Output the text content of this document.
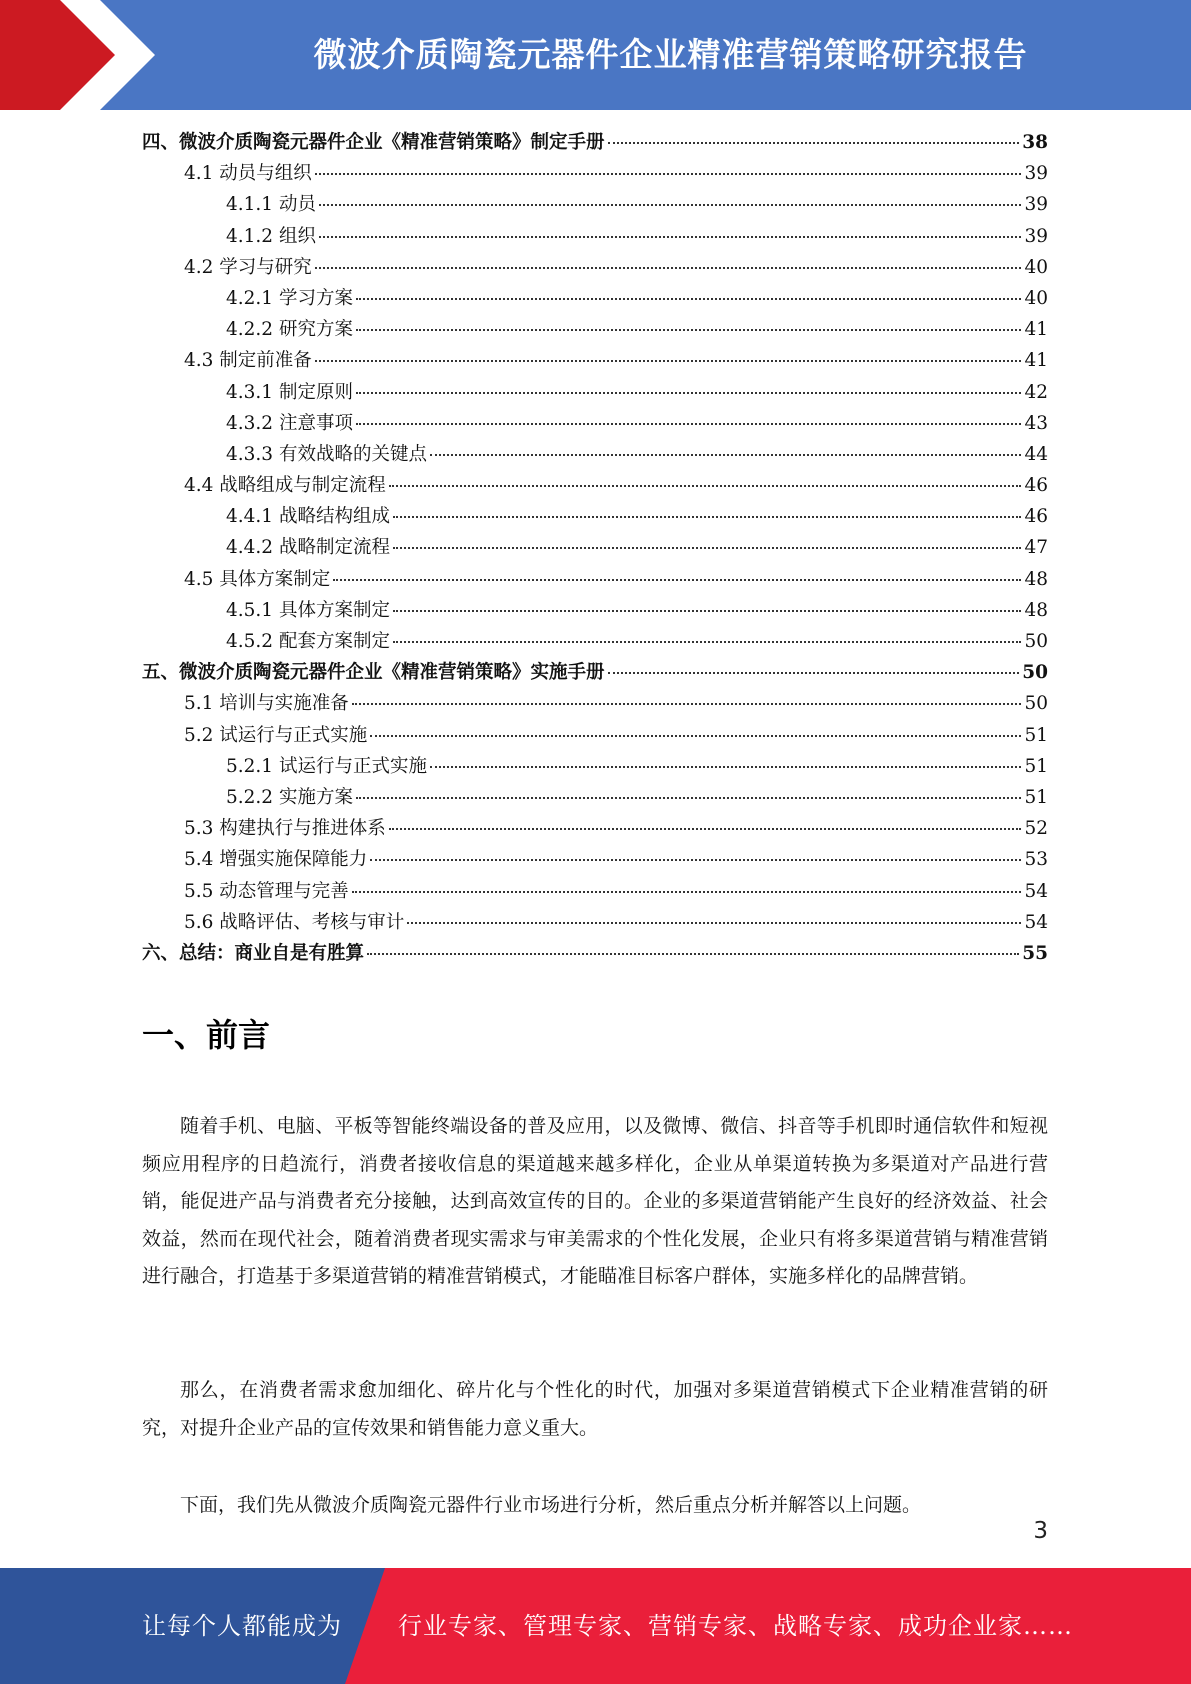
微波介质陶瓷元器件企业精准营销策略研究报告
四、微波介质陶瓷元器件企业《精准营销策略》制定手册	38
4.1 动员与组织	39
4.1.1 动员	39
4.1.2 组织	39
4.2 学习与研究	40
4.2.1 学习方案	40
4.2.2 研究方案	41
4.3 制定前准备	41
4.3.1 制定原则	42
4.3.2 注意事项	43
4.3.3 有效战略的关键点	44
4.4 战略组成与制定流程	46
4.4.1 战略结构组成	46
4.4.2 战略制定流程	47
4.5 具体方案制定	48
4.5.1 具体方案制定	48
4.5.2 配套方案制定	50
五、微波介质陶瓷元器件企业《精准营销策略》实施手册	50
5.1 培训与实施准备	50
5.2 试运行与正式实施	51
5.2.1 试运行与正式实施	51
5.2.2 实施方案	51
5.3 构建执行与推进体系	52
5.4 增强实施保障能力	53
5.5 动态管理与完善	54
5.6 战略评估、考核与审计	54
六、总结：商业自是有胜算	55
一、前言

随着手机、电脑、平板等智能终端设备的普及应用，以及微博、微信、抖音等手机即时通信软件和短视频应用程序的日趋流行，消费者接收信息的渠道越来越多样化，企业从单渠道转换为多渠道对产品进行营销，能促进产品与消费者充分接触，达到高效宣传的目的。企业的多渠道营销能产生良好的经济效益、社会效益，然而在现代社会，随着消费者现实需求与审美需求的个性化发展，企业只有将多渠道营销与精准营销进行融合，打造基于多渠道营销的精准营销模式，才能瞄准目标客户群体，实施多样化的品牌营销。

那么，在消费者需求愈加细化、碎片化与个性化的时代，加强对多渠道营销模式下企业精准营销的研究，对提升企业产品的宣传效果和销售能力意义重大。

下面，我们先从微波介质陶瓷元器件行业市场进行分析，然后重点分析并解答以上问题。

3
让每个人都能成为 行业专家、管理专家、营销专家、战略专家、成功企业家……
